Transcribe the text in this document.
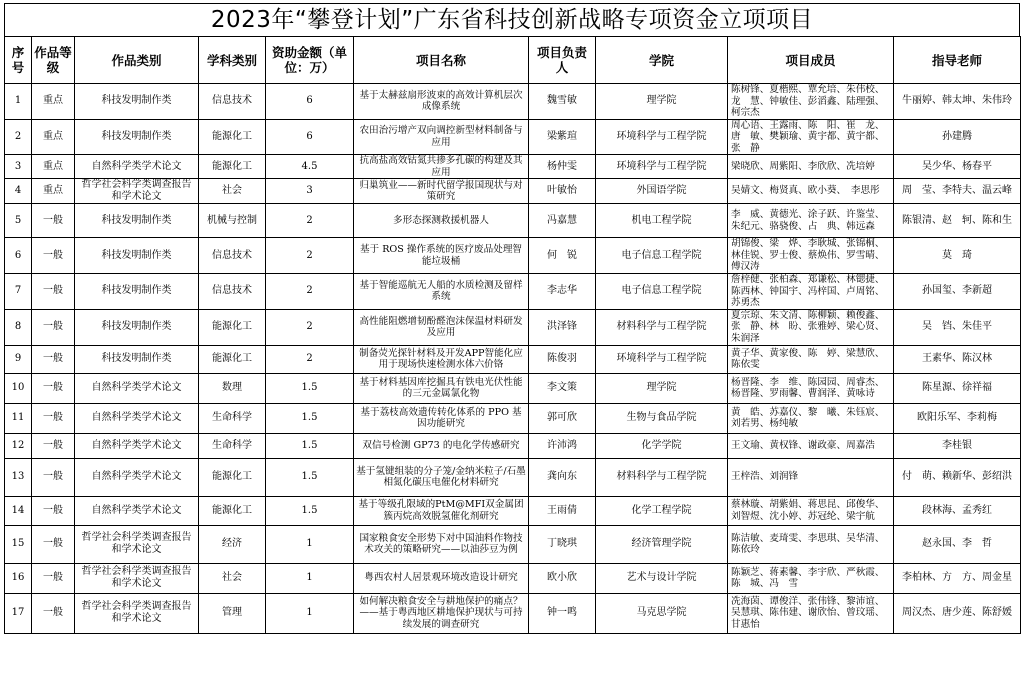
2023年“攀登计划”广东省科技创新战略专项资金立项项目
序号	作品等级	作品类别	学科类别	资助金额（单位：万）	项目名称	项目负责人	学院	项目成员	指导老师
1	重点	科技发明制作类	信息技术	6	基于太赫兹扇形波束的高效计算机层次成像系统	魏雪敏	理学院	陈树锋、夏楷熙、覃允培、朱伟校、龙　慧、钟敏佳、彭滔鑫、陆理强、柯宗杰	牛丽婷、韩太坤、朱伟玲
2	重点	科技发明制作类	能源化工	6	农田治污增产双向调控新型材料制备与应用	梁紫瑄	环境科学与工程学院	周心语、王露雨、陈　阳、崔　龙、唐　敏、樊颖瑜、黄宇都、黄宇都、张　静	孙建腾
3	重点	自然科学类学术论文	能源化工	4.5	抗高盐高效钴氮共掺多孔碳的构建及其应用	杨仲雯	环境科学与工程学院	梁晓欣、周紫阳、李欣欣、冼培婷	吴少华、杨春平
4	重点	哲学社会科学类调查报告和学术论文	社会	3	归巢筑业——新时代留学报国现状与对策研究	叶敏怡	外国语学院	吴婧文、梅贤真、欧小葵、　李思彤	周　莹、李特夫、温云峰
5	一般	科技发明制作类	机械与控制	2	多形态探测救援机器人	冯嘉慧	机电工程学院	李　威、黄德光、涂子跃、许鉴莹、朱纪元、骆骁俊、占　典、韩远森	陈银清、赵　轲、陈和生
6	一般	科技发明制作类	信息技术	2	基于 ROS 操作系统的医疗废品处理智能垃圾桶	何　锐	电子信息工程学院	胡锦俊、梁　烨、李耿城、张锦桐、林佳锐、罗士俊、蔡焕伟、罗雪晴、傅汉涛	莫　琦
7	一般	科技发明制作类	信息技术	2	基于智能巡航无人船的水质检测及留样系统	李志华	电子信息工程学院	詹梓健、张柏森、郑谦松、林锶捷、陈西林、钟国宇、冯梓国、卢周铭、苏勇杰	孙国玺、李新超
8	一般	科技发明制作类	能源化工	2	高性能阻燃增韧酚醛泡沫保温材料研发及应用	洪泽锋	材料科学与工程学院	夏宗琼、朱文清、陈柳颖、赖俊鑫、张　静、林　盼、张雅婷、梁心贤、朱润泽	吴　铛、朱佳平
9	一般	科技发明制作类	能源化工	2	制备荧光探针材料及开发APP智能化应用于现场快速检测水体六价铬	陈俊羽	环境科学与工程学院	黄子华、黄家俊、陈　婷、梁慧欣、陈依雯	王素华、陈汉林
10	一般	自然科学类学术论文	数理	1.5	基于材料基因库挖掘具有铁电光伏性能的三元金属氯化物	李文策	理学院	杨晋隆、李　维、陈园园、周睿杰、杨晋隆、罗雨馨、曹润泽、黄咏诗	陈星源、徐祥福
11	一般	自然科学类学术论文	生命科学	1.5	基于荔枝高效遗传转化体系的 PPO 基因功能研究	郭可欣	生物与食品学院	黄　皓、苏嘉仪、黎　曦、朱钰宸、刘若男、杨纯敏	欧阳乐军、李莉梅
12	一般	自然科学类学术论文	生命科学	1.5	双信号检测 GP73 的电化学传感研究	许沛鸿	化学学院	王文瑜、黄权锋、谢政豪、周嘉浩	李桂银
13	一般	自然科学类学术论文	能源化工	1.5	基于氢键组装的分子笼/金纳米粒子/石墨相氮化碳压电催化材料研究	龚向东	材料科学与工程学院	王梓浩、刘润锋	付　萌、赖新华、彭绍洪
14	一般	自然科学类学术论文	能源化工	1.5	基于等级孔限域的PtM@MFI双金属团簇丙烷高效脱氢催化剂研究	王雨倩	化学工程学院	蔡林璇、胡紫娟、蒋思昆、邱俊华、刘智煜、沈小婷、苏冠纶、梁宇航	段林海、孟秀红
15	一般	哲学社会科学类调查报告和学术论文	经济	1	国家粮食安全形势下对中国油料作物技术攻关的策略研究——以油莎豆为例	丁晓琪	经济管理学院	陈洁敏、麦琦雯、李思琪、吴华清、陈依玲	赵永国、李　哲
16	一般	哲学社会科学类调查报告和学术论文	社会	1	粤西农村人居景观环境改造设计研究	欧小欣	艺术与设计学院	陈颖芝、蒋素馨、李宇欣、严秋霞、陈　城、冯　雪	李柏林、方　方、周金星
17	一般	哲学社会科学类调查报告和学术论文	管理	1	如何解决粮食安全与耕地保护的痛点？——基于粤西地区耕地保护现状与可持续发展的调查研究	钟一鸣	马克思学院	冼海茵、谭俊洋、张伟锋、黎沛谊、吴慧琪、陈伟建、谢欣怡、曾玟瑶、甘惠怡	周汉杰、唐少莲、陈舒媛
